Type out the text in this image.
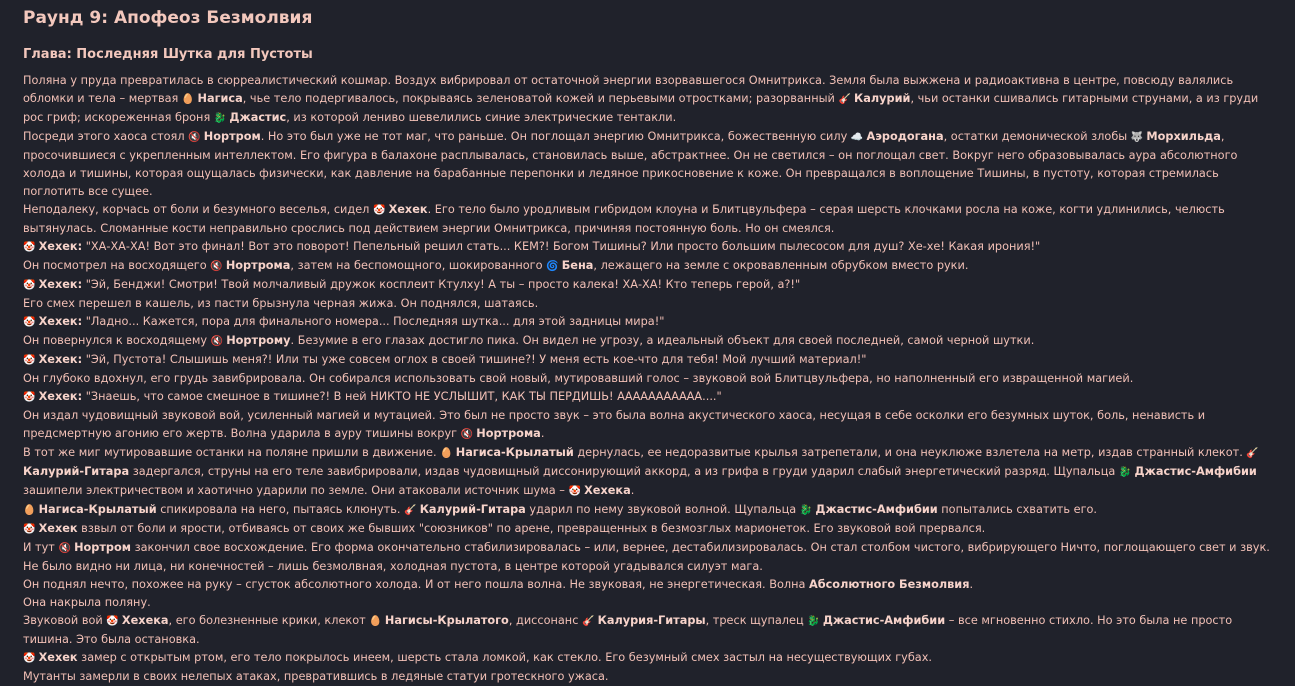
Раунд 9: Апофеоз Безмолвия
Глава: Последняя Шутка для Пустоты

Поляна у пруда превратилась в сюрреалистический кошмар. Воздух вибрировал от остаточной энергии взорвавшегося Омнитрикса. Земля была выжжена и радиоактивна в центре, повсюду валялись обломки и тела – мертвая 🥚 Нагиса, чье тело подергивалось, покрываясь зеленоватой кожей и перьевыми отростками; разорванный 🎸 Калурий, чьи останки сшивались гитарными струнами, а из груди рос гриф; искореженная броня 🐉 Джастис, из которой лениво шевелились синие электрические тентакли.

Посреди этого хаоса стоял 🔇 Нортром. Но это был уже не тот маг, что раньше. Он поглощал энергию Омнитрикса, божественную силу ☁️ Аэродогана, остатки демонической злобы 🐺 Морхильда, просочившиеся с укрепленным интеллектом. Его фигура в балахоне расплывалась, становилась выше, абстрактнее. Он не светился – он поглощал свет. Вокруг него образовывалась аура абсолютного холода и тишины, которая ощущалась физически, как давление на барабанные перепонки и ледяное прикосновение к коже. Он превращался в воплощение Тишины, в пустоту, которая стремилась поглотить все сущее.

Неподалеку, корчась от боли и безумного веселья, сидел 🤡 Хехек. Его тело было уродливым гибридом клоуна и Блитцвульфера – серая шерсть клочками росла на коже, когти удлинились, челюсть вытянулась. Сломанные кости неправильно срослись под действием энергии Омнитрикса, причиняя постоянную боль. Но он смеялся.

🤡 Хехек: "ХА-ХА-ХА! Вот это финал! Вот это поворот! Пепельный решил стать... КЕМ?! Богом Тишины? Или просто большим пылесосом для душ? Хе-хе! Какая ирония!"

Он посмотрел на восходящего 🔇 Нортрома, затем на беспомощного, шокированного 🌀 Бена, лежащего на земле с окровавленным обрубком вместо руки.

🤡 Хехек: "Эй, Бенджи! Смотри! Твой молчаливый дружок косплеит Ктулху! А ты – просто калека! ХА-ХА! Кто теперь герой, а?!"

Его смех перешел в кашель, из пасти брызнула черная жижа. Он поднялся, шатаясь.

🤡 Хехек: "Ладно... Кажется, пора для финального номера... Последняя шутка... для этой задницы мира!"

Он повернулся к восходящему 🔇 Нортрому. Безумие в его глазах достигло пика. Он видел не угрозу, а идеальный объект для своей последней, самой черной шутки.

🤡 Хехек: "Эй, Пустота! Слышишь меня?! Или ты уже совсем оглох в своей тишине?! У меня есть кое-что для тебя! Мой лучший материал!"

Он глубоко вдохнул, его грудь завибрировала. Он собирался использовать свой новый, мутировавший голос – звуковой вой Блитцвульфера, но наполненный его извращенной магией.

🤡 Хехек: "Знаешь, что самое смешное в тишине?! В ней НИКТО НЕ УСЛЫШИТ, КАК ТЫ ПЕРДИШЬ! ААААААААААА...."

Он издал чудовищный звуковой вой, усиленный магией и мутацией. Это был не просто звук – это была волна акустического хаоса, несущая в себе осколки его безумных шуток, боль, ненависть и предсмертную агонию его жертв. Волна ударила в ауру тишины вокруг 🔇 Нортрома.

В тот же миг мутировавшие останки на поляне пришли в движение. 🥚 Нагиса-Крылатый дернулась, ее недоразвитые крылья затрепетали, и она неуклюже взлетела на метр, издав странный клекот. 🎸 Калурий-Гитара задергался, струны на его теле завибрировали, издав чудовищный диссонирующий аккорд, а из грифа в груди ударил слабый энергетический разряд. Щупальца 🐉 Джастис-Амфибии зашипели электричеством и хаотично ударили по земле. Они атаковали источник шума – 🤡 Хехека.

🥚 Нагиса-Крылатый спикировала на него, пытаясь клюнуть. 🎸 Калурий-Гитара ударил по нему звуковой волной. Щупальца 🐉 Джастис-Амфибии попытались схватить его.

🤡 Хехек взвыл от боли и ярости, отбиваясь от своих же бывших "союзников" по арене, превращенных в безмозглых марионеток. Его звуковой вой прервался.

И тут 🔇 Нортром закончил свое восхождение. Его форма окончательно стабилизировалась – или, вернее, дестабилизировалась. Он стал столбом чистого, вибрирующего Ничто, поглощающего свет и звук. Не было видно ни лица, ни конечностей – лишь безмолвная, холодная пустота, в центре которой угадывался силуэт мага.

Он поднял нечто, похожее на руку – сгусток абсолютного холода. И от него пошла волна. Не звуковая, не энергетическая. Волна Абсолютного Безмолвия.

Она накрыла поляну.

Звуковой вой 🤡 Хехека, его болезненные крики, клекот 🥚 Нагисы-Крылатого, диссонанс 🎸 Калурия-Гитары, треск щупалец 🐉 Джастис-Амфибии – все мгновенно стихло. Но это была не просто тишина. Это была остановка.

🤡 Хехек замер с открытым ртом, его тело покрылось инеем, шерсть стала ломкой, как стекло. Его безумный смех застыл на несуществующих губах.

Мутанты замерли в своих нелепых атаках, превратившись в ледяные статуи гротескного ужаса.
